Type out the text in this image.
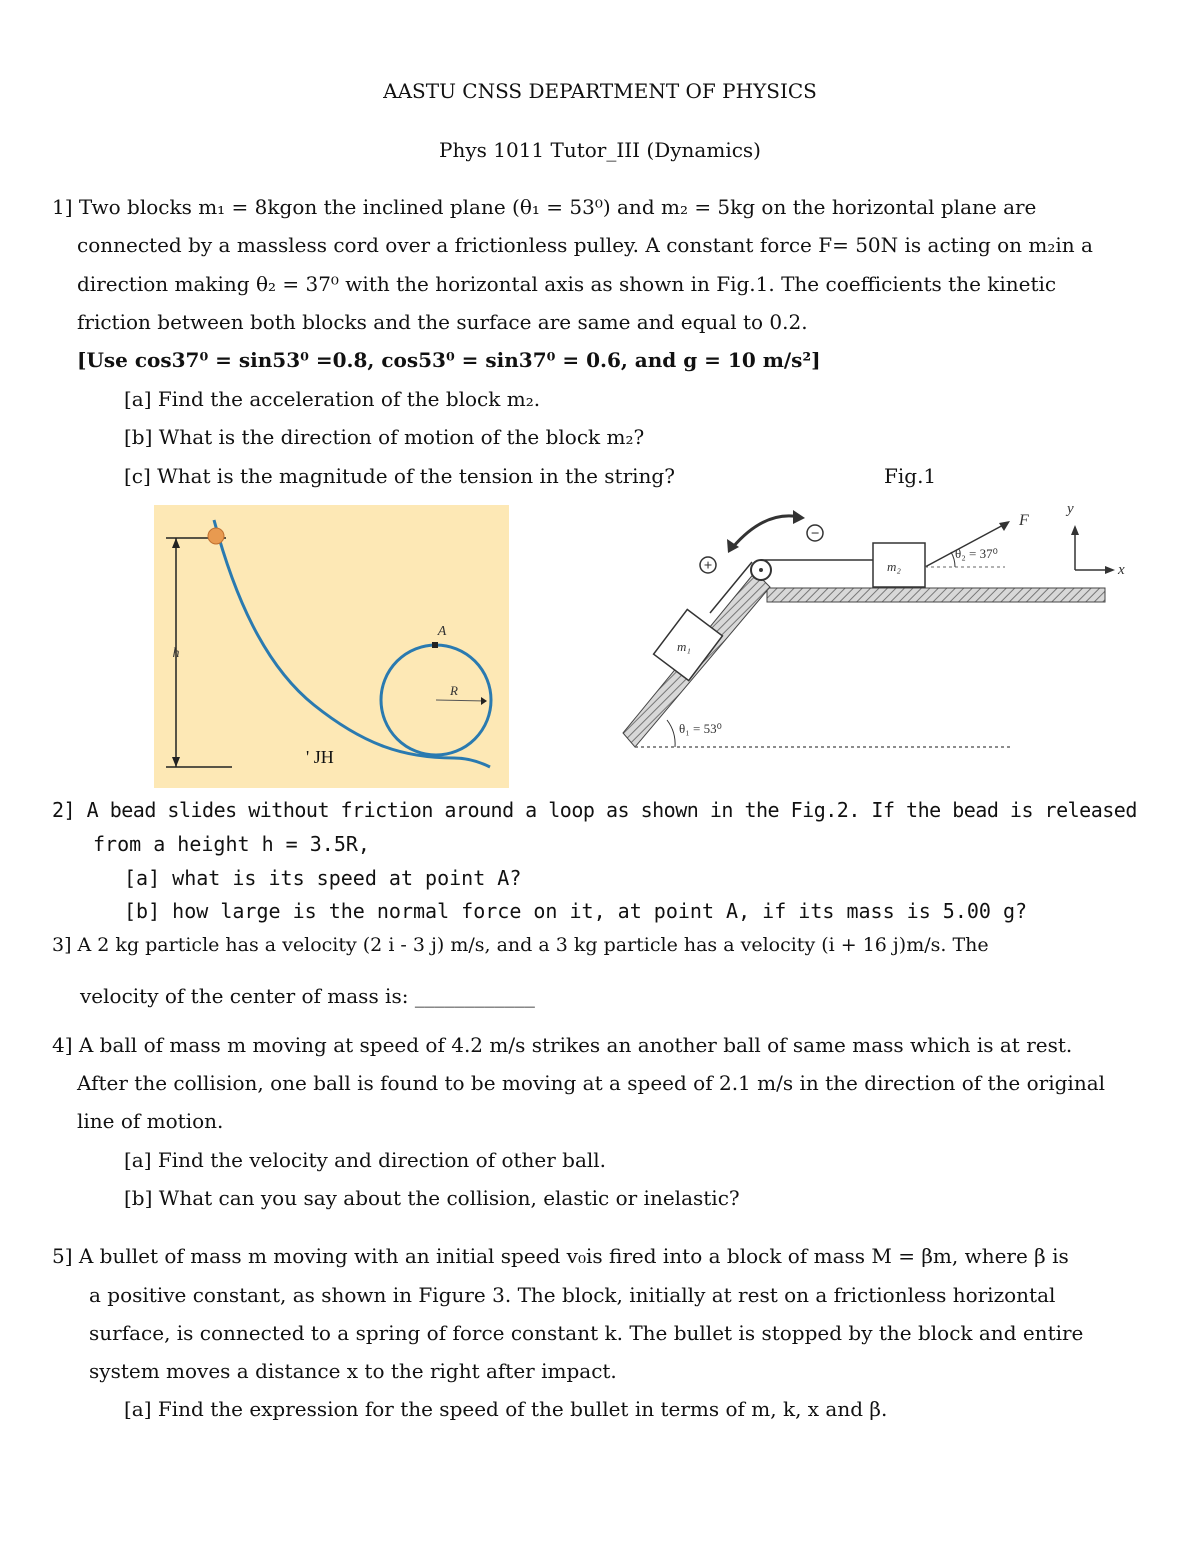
AASTU CNSS DEPARTMENT OF PHYSICS
Phys 1011 Tutor_III (Dynamics)
1] Two blocks m₁ = 8kgon the inclined plane (θ₁ = 53⁰) and m₂ = 5kg on the horizontal plane are
connected by a massless cord over a frictionless pulley. A constant force F= 50N is acting on m₂in a
direction making θ₂ = 37⁰ with the horizontal axis as shown in Fig.1. The coefficients the kinetic
friction between both blocks and the surface are same and equal to 0.2.
[Use cos37⁰ = sin53⁰ =0.8, cos53⁰ = sin37⁰ = 0.6, and g = 10 m/s²]
[a] Find the acceleration of the block m₂.
[b] What is the direction of motion of the block m₂?
[c] What is the magnitude of the tension in the string?	Fig.1
h
A
R
' JH
m₁
m₂
F
θ₂ = 37⁰
θ₁ = 53⁰
+
−
y
x
2] A bead slides without friction around a loop as shown in the Fig.2. If the bead is released
from a height h = 3.5R,
[a] what is its speed at point A?
[b] how large is the normal force on it, at point A, if its mass is 5.00 g?
3] A 2 kg particle has a velocity (2 i - 3 j) m/s, and a 3 kg particle has a velocity (i + 16 j)m/s. The
velocity of the center of mass is: ____________
4] A ball of mass m moving at speed of 4.2 m/s strikes an another ball of same mass which is at rest.
After the collision, one ball is found to be moving at a speed of 2.1 m/s in the direction of the original
line of motion.
[a] Find the velocity and direction of other ball.
[b] What can you say about the collision, elastic or inelastic?
5] A bullet of mass m moving with an initial speed v₀is fired into a block of mass M = βm, where β is
a positive constant, as shown in Figure 3. The block, initially at rest on a frictionless horizontal
surface, is connected to a spring of force constant k. The bullet is stopped by the block and entire
system moves a distance x to the right after impact.
[a] Find the expression for the speed of the bullet in terms of m, k, x and β.
